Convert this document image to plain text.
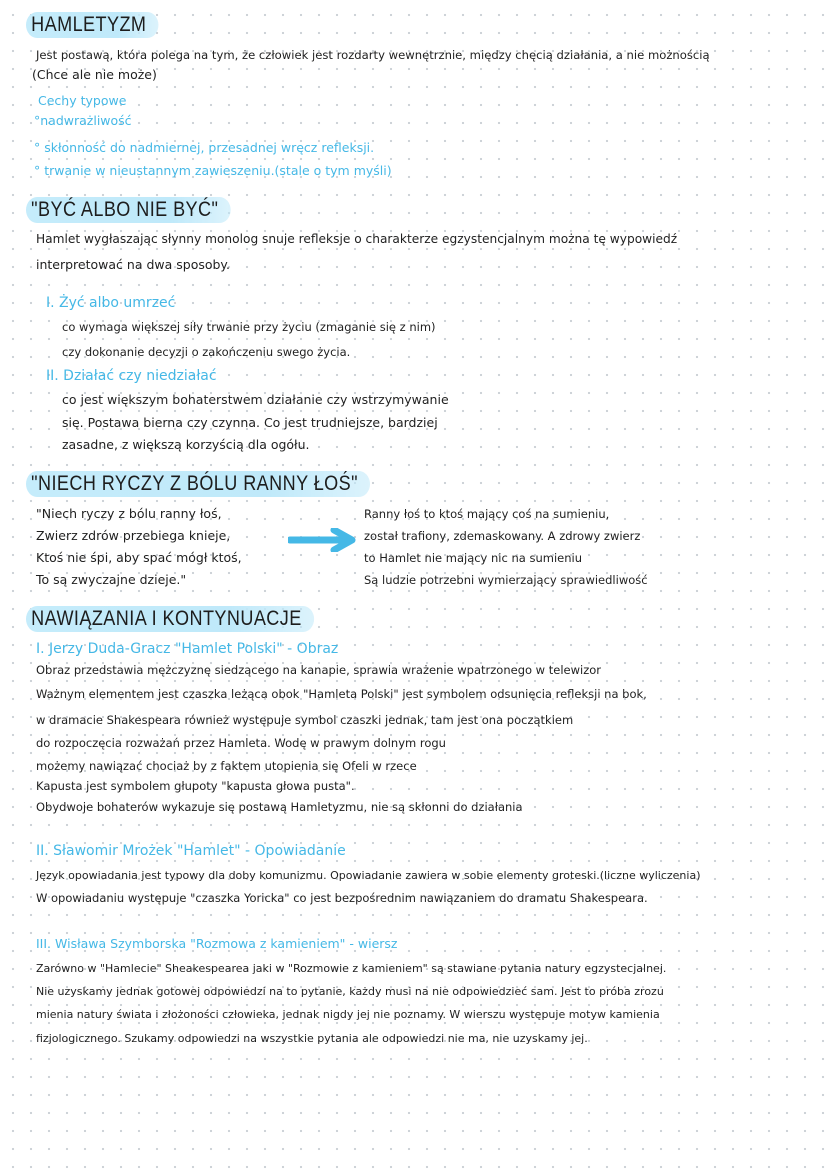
HAMLETYZM
Jest postawą, która polega na tym, że człowiek jest rozdarty wewnętrznie, między chęcią działania, a nie możnością
(Chce ale nie może)
Cechy typowe
°nadwrażliwość
° skłonność do nadmiernej, przesadnej wręcz refleksji.
° trwanie w nieustannym zawieszeniu.(stale o tym myśli)
"BYĆ ALBO NIE BYĆ"
Hamlet wygłaszając słynny monolog snuje refleksje o charakterze egzystencjalnym można tę wypowiedź
interpretować na dwa sposoby.
I. Żyć albo umrzeć
co wymaga większej siły trwanie przy życiu (zmaganie się z nim)
czy dokonanie decyzji o zakończeniu swego życia.
II. Działać czy niedziałać
co jest większym bohaterstwem działanie czy wstrzymywanie
się. Postawa bierna czy czynna. Co jest trudniejsze, bardziej
zasadne, z większą korzyścią dla ogółu.
"NIECH RYCZY Z BÓLU RANNY ŁOŚ"
"Niech ryczy z bólu ranny łoś,
Zwierz zdrów przebiega knieje,
Ktoś nie śpi, aby spać mógł ktoś,
To są zwyczajne dzieje."
Ranny łoś to ktoś mający coś na sumieniu,
został trafiony, zdemaskowany. A zdrowy zwierz
to Hamlet nie mający nic na sumieniu
Są ludzie potrzebni wymierzający sprawiedliwość
NAWIĄZANIA I KONTYNUACJE
I. Jerzy Duda-Gracz "Hamlet Polski" - Obraz
Obraz przedstawia mężczyznę siedzącego na kanapie, sprawia wrażenie wpatrzonego w telewizor
Ważnym elementem jest czaszka leżąca obok "Hamleta Polski" jest symbolem odsunięcia refleksji na bok,
w dramacie Shakespeara również występuje symbol czaszki jednak, tam jest ona początkiem
do rozpoczęcia rozważań przez Hamleta. Wodę w prawym dolnym rogu
możemy nawiązać chociaż by z faktem utopienia się Ofeli w rzece
Kapusta jest symbolem głupoty "kapusta głowa pusta".
Obydwoje bohaterów wykazuje się postawą Hamletyzmu, nie są skłonni do działania
II. Sławomir Mrożek "Hamlet" - Opowiadanie
Język opowiadania jest typowy dla doby komunizmu. Opowiadanie zawiera w sobie elementy groteski.(liczne wyliczenia)
W opowiadaniu występuje "czaszka Yoricka" co jest bezpośrednim nawiązaniem do dramatu Shakespeara.
III. Wisława Szymborska "Rozmowa z kamieniem" - wiersz
Zarówno w "Hamlecie" Sheakespearea jaki w "Rozmowie z kamieniem" są stawiane pytania natury egzystecjalnej.
Nie uzyskamy jednak gotowej odpowiedzi na to pytanie, każdy musi na nie odpowiedzieć sam. Jest to próba zrozu
mienia natury świata i złożoności człowieka, jednak nigdy jej nie poznamy. W wierszu występuje motyw kamienia
fizjologicznego. Szukamy odpowiedzi na wszystkie pytania ale odpowiedzi nie ma, nie uzyskamy jej.
